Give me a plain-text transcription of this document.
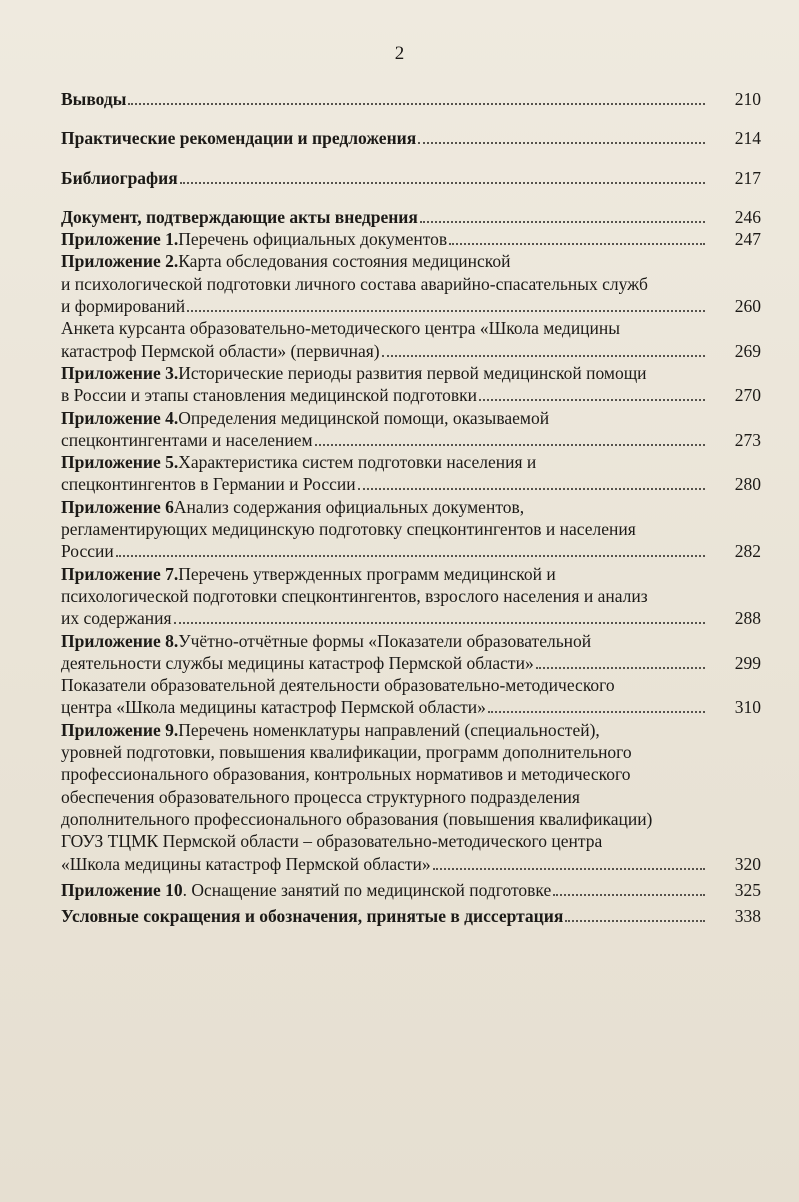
2
Выводы	210
Практические рекомендации и предложения	214
Библиография	217
Документ, подтверждающие акты внедрения	246
Приложение 1. Перечень официальных документов	247
Приложение 2. Карта обследования состояния медицинской
и психологической подготовки личного состава аварийно-спасательных служб
и формирований	260
Анкета курсанта образовательно-методического центра «Школа медицины
катастроф Пермской области» (первичная)	269
Приложение 3. Исторические периоды развития первой медицинской помощи
в России и этапы становления медицинской подготовки	270
Приложение 4. Определения медицинской помощи, оказываемой
спецконтингентами и населением	273
Приложение 5. Характеристика систем подготовки населения и
спецконтингентов в Германии и России	280
Приложение 6 Анализ содержания официальных документов,
регламентирующих медицинскую подготовку спецконтингентов и населения
России	282
Приложение 7. Перечень утвержденных программ медицинской и
психологической подготовки спецконтингентов, взрослого населения и анализ
их содержания	288
Приложение 8. Учётно-отчётные формы «Показатели образовательной
деятельности службы медицины катастроф Пермской области»	299
Показатели образовательной деятельности образовательно-методического
центра «Школа медицины катастроф Пермской области»	310
Приложение 9. Перечень номенклатуры направлений (специальностей),
уровней подготовки, повышения квалификации, программ дополнительного
профессионального образования, контрольных нормативов и методического
обеспечения образовательного процесса структурного подразделения
дополнительного профессионального образования (повышения квалификации)
ГОУЗ ТЦМК Пермской области – образовательно-методического центра
«Школа медицины катастроф Пермской области»	320
Приложение 10 . Оснащение занятий по медицинской подготовке	325
Условные сокращения и обозначения, принятые в диссертация	338
